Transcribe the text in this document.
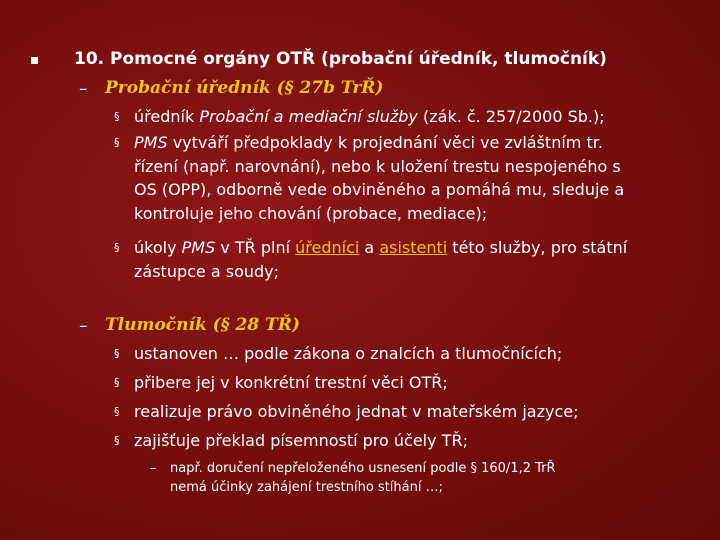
10. Pomocné orgány OTŘ (probační úředník, tlumočník)
– Probační úředník (§ 27b TrŘ)
§ úředník Probační a mediační služby (zák. č. 257/2000 Sb.);
§ PMS vytváří předpoklady k projednání věci ve zvláštním tr.
řízení (např. narovnání), nebo k uložení trestu nespojeného s
OS (OPP), odborně vede obviněného a pomáhá mu, sleduje a
kontroluje jeho chování (probace, mediace);
§ úkoly PMS v TŘ plní úředníci a asistenti této služby, pro státní
zástupce a soudy;
– Tlumočník (§ 28 TŘ)
§ ustanoven … podle zákona o znalcích a tlumočnících;
§ přibere jej v konkrétní trestní věci OTŘ;
§ realizuje právo obviněného jednat v mateřském jazyce;
§ zajišťuje překlad písemností pro účely TŘ;
– např. doručení nepřeloženého usnesení podle § 160/1,2 TrŘ
nemá účinky zahájení trestního stíhání …;
